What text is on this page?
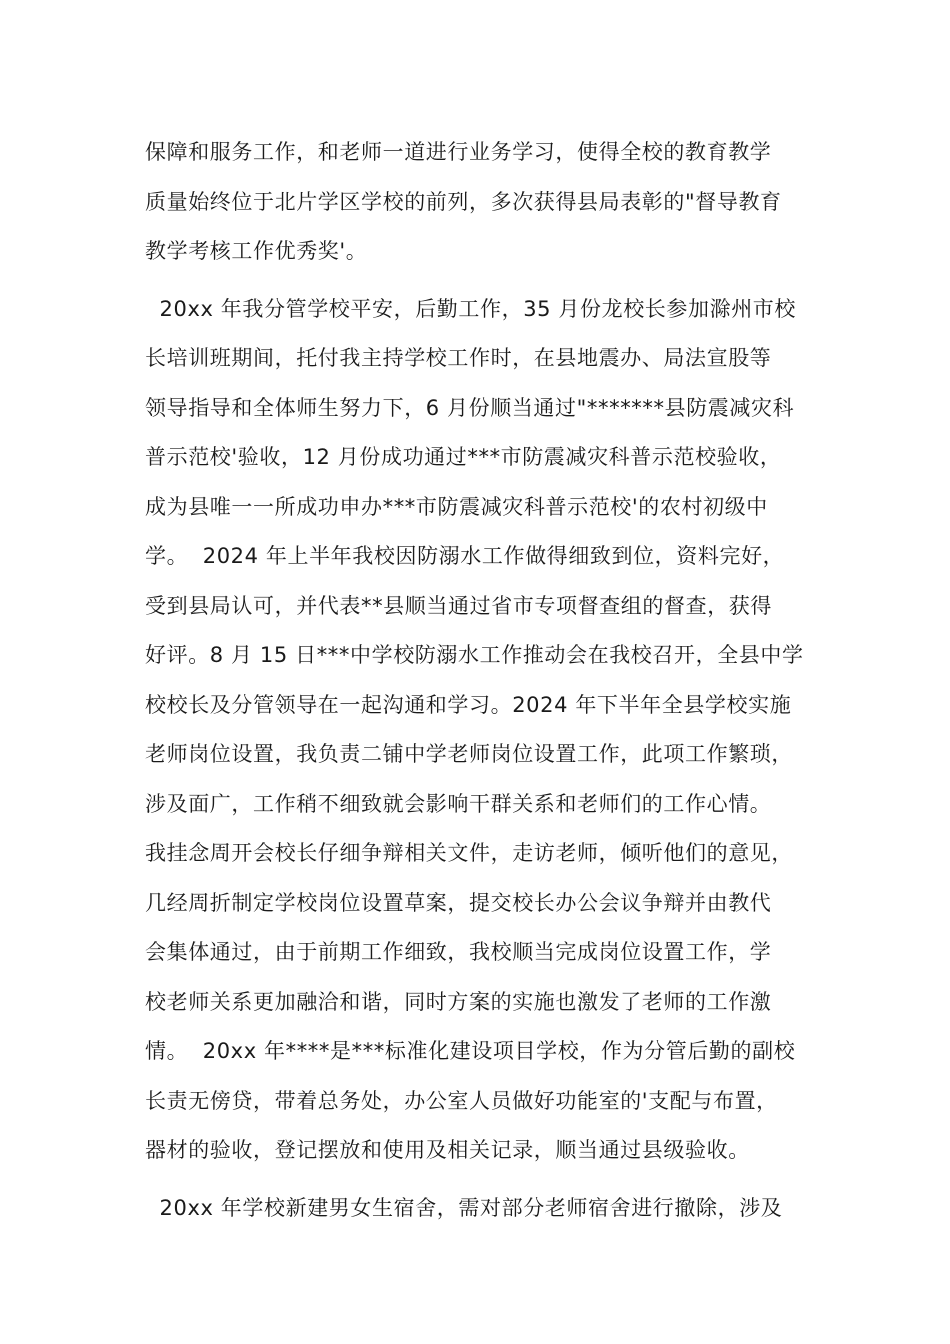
保障和服务工作，和老师一道进行业务学习，使得全校的教育教学
质量始终位于北片学区学校的前列，多次获得县局表彰的"督导教育
教学考核工作优秀奖'。
20xx 年我分管学校平安，后勤工作，35 月份龙校长参加滁州市校
长培训班期间，托付我主持学校工作时，在县地震办、局法宣股等
领导指导和全体师生努力下，6 月份顺当通过"*******县防震减灾科
普示范校'验收，12 月份成功通过***市防震减灾科普示范校验收，
成为县唯一一所成功申办***市防震减灾科普示范校'的农村初级中
学。  2024 年上半年我校因防溺水工作做得细致到位，资料完好，
受到县局认可，并代表**县顺当通过省市专项督查组的督查，获得
好评。8 月 15 日***中学校防溺水工作推动会在我校召开，全县中学
校校长及分管领导在一起沟通和学习。2024 年下半年全县学校实施
老师岗位设置，我负责二铺中学老师岗位设置工作，此项工作繁琐，
涉及面广，工作稍不细致就会影响干群关系和老师们的工作心情。
我挂念周开会校长仔细争辩相关文件，走访老师，倾听他们的意见，
几经周折制定学校岗位设置草案，提交校长办公会议争辩并由教代
会集体通过，由于前期工作细致，我校顺当完成岗位设置工作，学
校老师关系更加融洽和谐，同时方案的实施也激发了老师的工作激
情。  20xx 年****是***标准化建设项目学校，作为分管后勤的副校
长责无傍贷，带着总务处，办公室人员做好功能室的'支配与布置，
器材的验收，登记摆放和使用及相关记录，顺当通过县级验收。
20xx 年学校新建男女生宿舍，需对部分老师宿舍进行撤除，涉及
